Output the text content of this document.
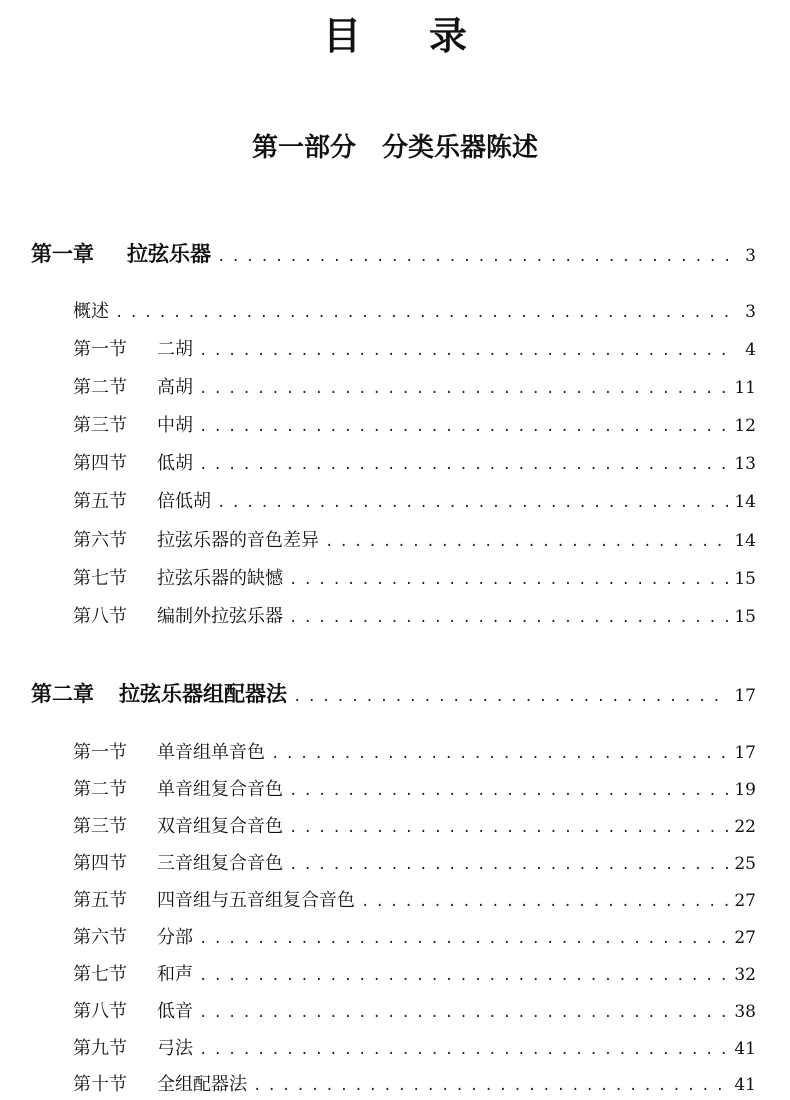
目 录
第一部分 分类乐器陈述
第一章 拉弦乐器 . . .	3
概述 . . .	3
第一节 二胡 . . .	4
第二节 高胡 . . .	11
第三节 中胡 . . .	12
第四节 低胡 . . .	13
第五节 倍低胡 . . .	14
第六节 拉弦乐器的音色差异 . . .	14
第七节 拉弦乐器的缺憾 . . .	15
第八节 编制外拉弦乐器 . . .	15
第二章 拉弦乐器组配器法 . . .	17
第一节 单音组单音色 . . .	17
第二节 单音组复合音色 . . .	19
第三节 双音组复合音色 . . .	22
第四节 三音组复合音色 . . .	25
第五节 四音组与五音组复合音色 . . .	27
第六节 分部 . . .	27
第七节 和声 . . .	32
第八节 低音 . . .	38
第九节 弓法 . . .	41
第十节 全组配器法 . . .	41
